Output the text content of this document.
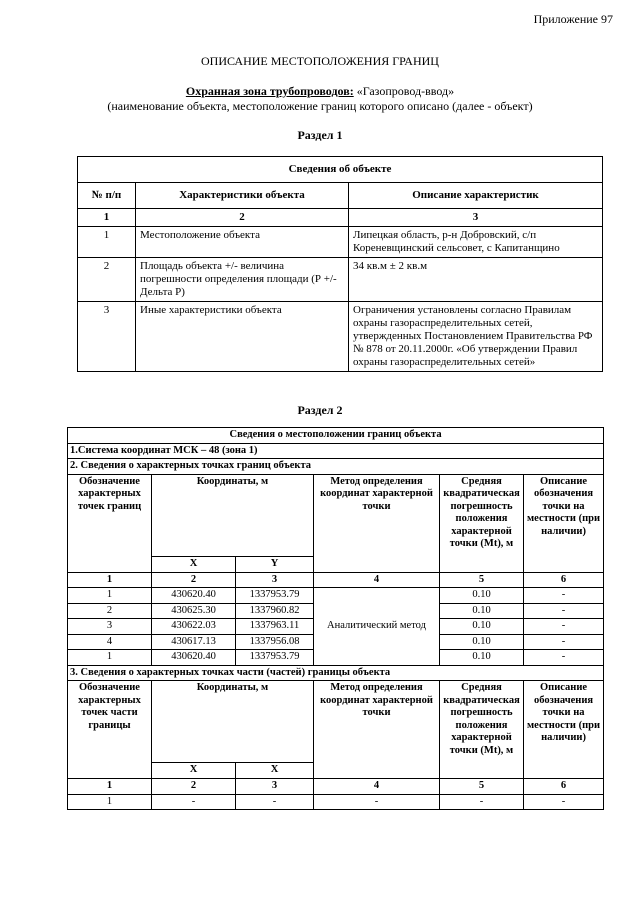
Приложение 97
ОПИСАНИЕ МЕСТОПОЛОЖЕНИЯ ГРАНИЦ
Охранная зона трубопроводов: «Газопровод-ввод»
(наименование объекта, местоположение границ которого описано (далее - объект)
Раздел 1
Сведения об объекте		
№ п/п	Характеристики объекта	Описание характеристик
1	2	3
1	Местоположение объекта	Липецкая область, р-н Добровский, с/п Кореневщинский сельсовет, с Капитанщино
2	Площадь объекта +/- величина погрешности определения площади (Р +/- Дельта Р)	34 кв.м ± 2 кв.м
3	Иные характеристики объекта	Ограничения установлены согласно Правилам охраны газораспределительных сетей, утвержденных Постановлением Правительства РФ № 878 от 20.11.2000г. «Об утверждении Правил охраны газораспределительных сетей»
Раздел 2
Сведения о местоположении границ объекта					
1.Система координат МСК – 48 (зона 1)					
2. Сведения о характерных точках границ объекта					
Обозначение характерных точек границ	Координаты, м		Метод определения координат характерной точки	Средняя квадратическая погрешность положения характерной точки (Мt), м	Описание обозначения точки на местности (при наличии)
	X	Y			
1	2	3	4	5	6
1	430620.40	1337953.79	Аналитический метод	0.10	-
2	430625.30	1337960.82		0.10	-
3	430622.03	1337963.11		0.10	-
4	430617.13	1337956.08		0.10	-
1	430620.40	1337953.79		0.10	-
3. Сведения о характерных точках части (частей) границы объекта					
Обозначение характерных точек части границы	Координаты, м		Метод определения координат характерной точки	Средняя квадратическая погрешность положения характерной точки (Мt), м	Описание обозначения точки на местности (при наличии)
	X	X			
1	2	3	4	5	6
1	-	-	-	-	-
